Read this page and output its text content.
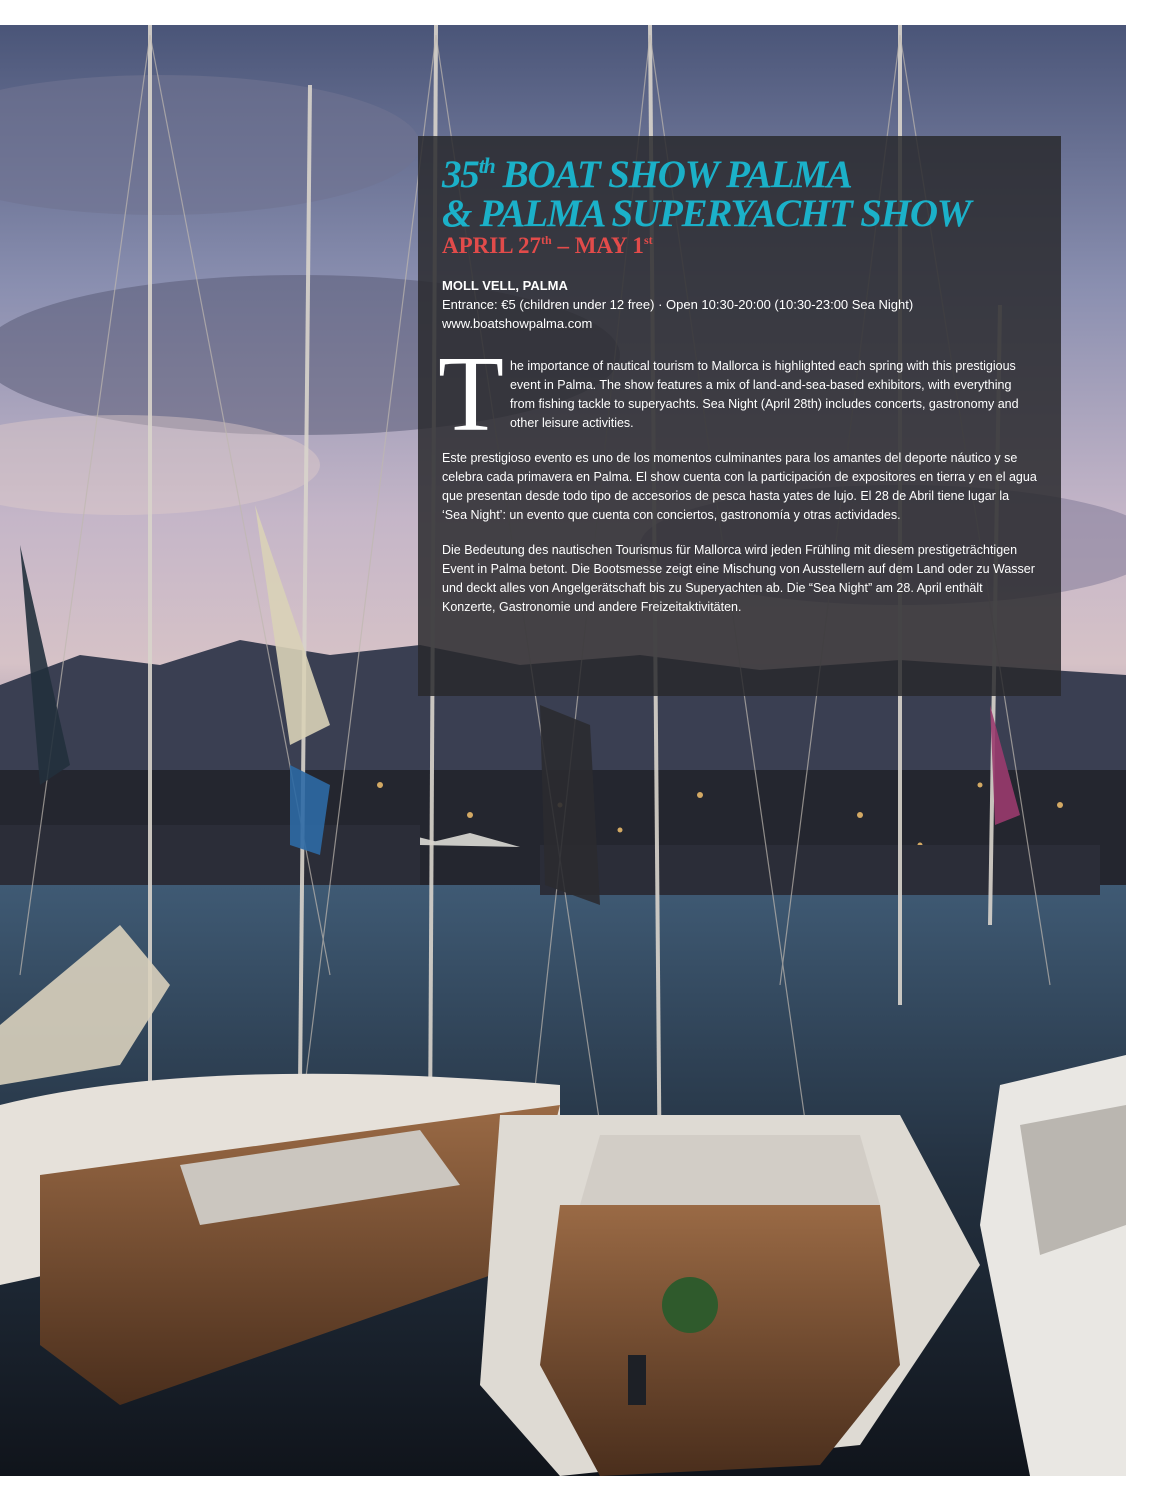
35th BOAT SHOW PALMA
& PALMA SUPERYACHT SHOW
APRIL 27th – MAY 1st
MOLL VELL, PALMA
Entrance: €5 (children under 12 free) · Open 10:30-20:00 (10:30-23:00 Sea Night)
www.boatshowpalma.com

The importance of nautical tourism to Mallorca is highlighted each spring with this prestigious event in Palma. The show features a mix of land-and-sea-based exhibitors, with everything from fishing tackle to superyachts. Sea Night (April 28th) includes concerts, gastronomy and other leisure activities.

Este prestigioso evento es uno de los momentos culminantes para los amantes del deporte náutico y se celebra cada primavera en Palma. El show cuenta con la participación de expositores en tierra y en el agua que presentan desde todo tipo de accesorios de pesca hasta yates de lujo. El 28 de Abril tiene lugar la ‘Sea Night’: un evento que cuenta con conciertos, gastronomía y otras actividades.

Die Bedeutung des nautischen Tourismus für Mallorca wird jeden Frühling mit diesem prestigeträchtigen Event in Palma betont. Die Bootsmesse zeigt eine Mischung von Ausstellern auf dem Land oder zu Wasser und deckt alles von Angelgerätschaft bis zu Superyachten ab. Die “Sea Night” am 28. April enthält Konzerte, Gastronomie und andere Freizeitaktivitäten.
